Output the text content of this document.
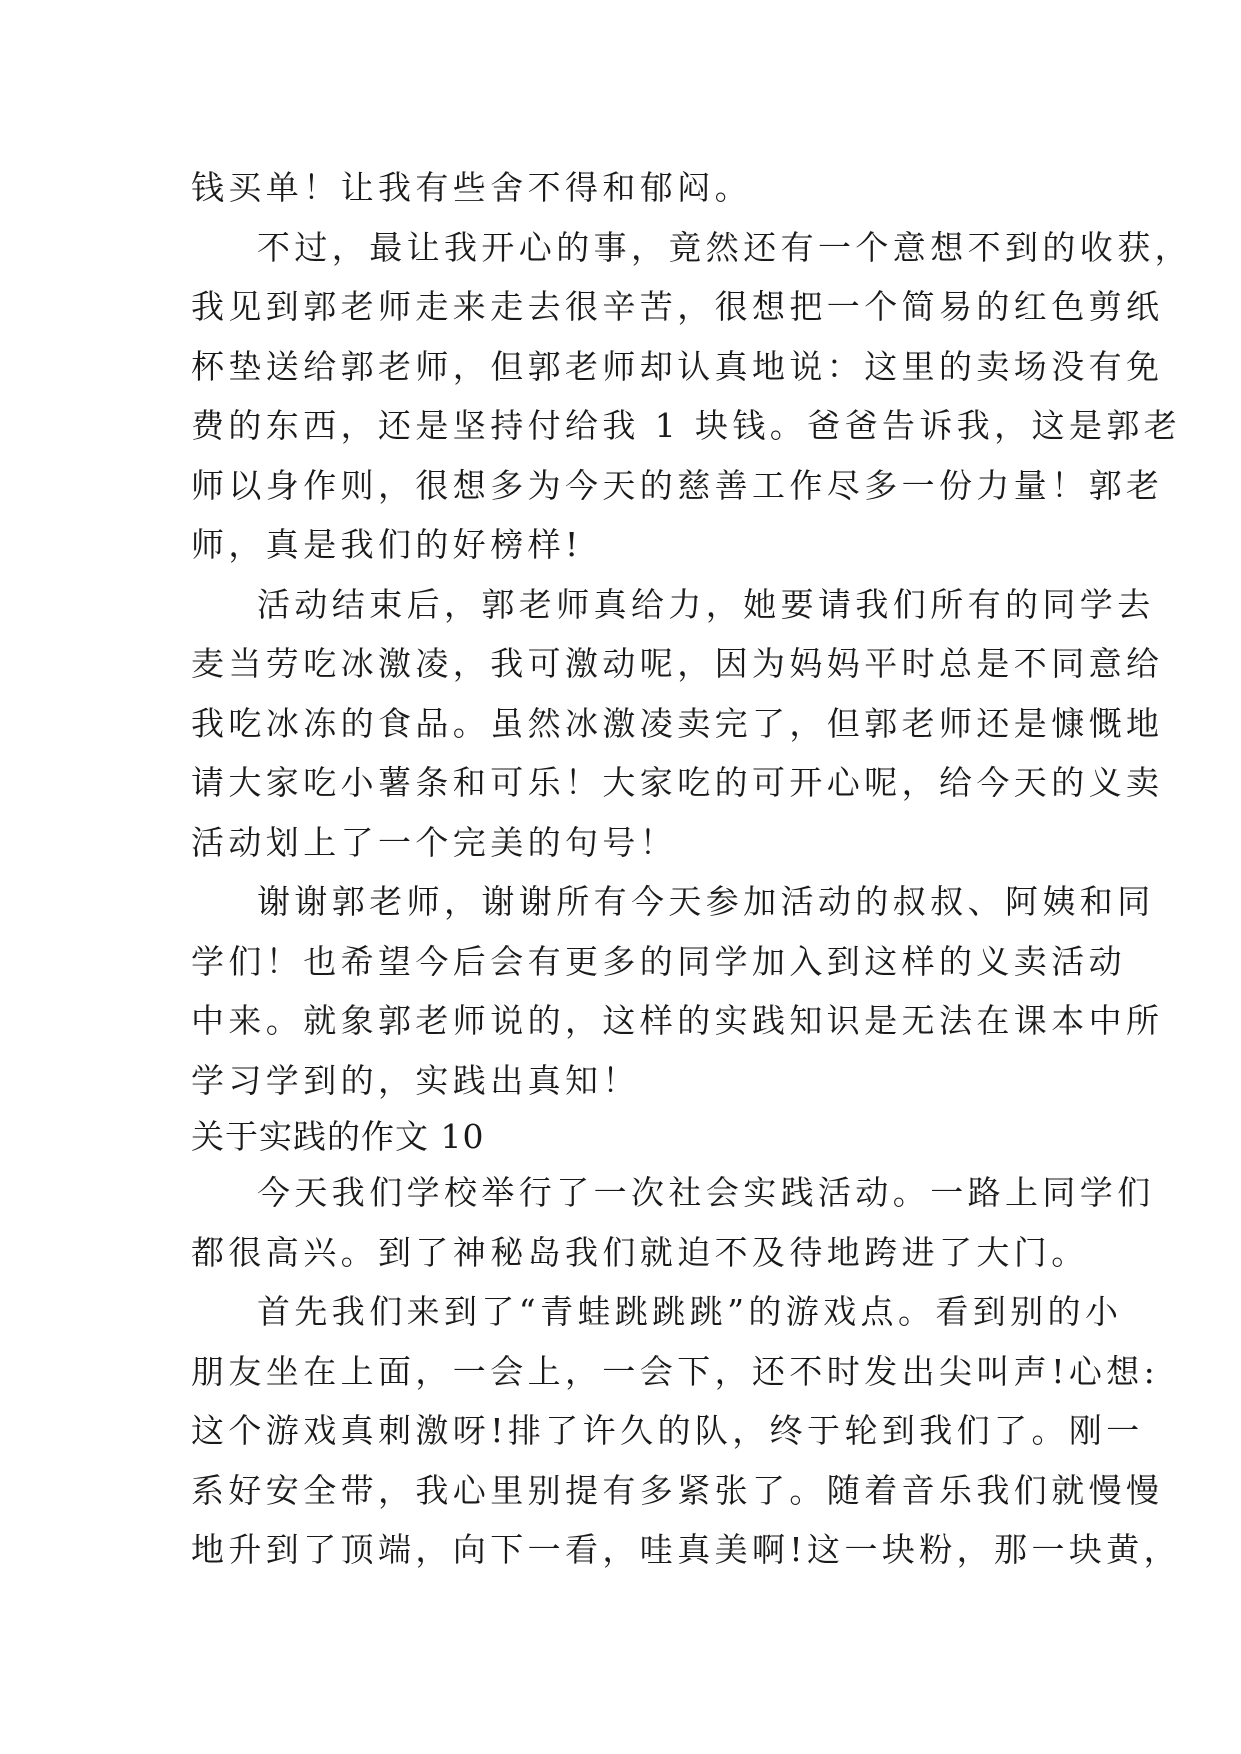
钱买单！让我有些舍不得和郁闷。
不过，最让我开心的事，竟然还有一个意想不到的收获，
我见到郭老师走来走去很辛苦，很想把一个简易的红色剪纸
杯垫送给郭老师，但郭老师却认真地说：这里的卖场没有免
费的东西，还是坚持付给我 1 块钱。爸爸告诉我，这是郭老
师以身作则，很想多为今天的慈善工作尽多一份力量！郭老
师，真是我们的好榜样!
活动结束后，郭老师真给力，她要请我们所有的同学去
麦当劳吃冰激凌，我可激动呢，因为妈妈平时总是不同意给
我吃冰冻的食品。虽然冰激凌卖完了，但郭老师还是慷慨地
请大家吃小薯条和可乐！大家吃的可开心呢，给今天的义卖
活动划上了一个完美的句号！
谢谢郭老师，谢谢所有今天参加活动的叔叔、阿姨和同
学们！也希望今后会有更多的同学加入到这样的义卖活动
中来。就象郭老师说的，这样的实践知识是无法在课本中所
学习学到的，实践出真知！
关于实践的作文 10
今天我们学校举行了一次社会实践活动。一路上同学们
都很高兴。到了神秘岛我们就迫不及待地跨进了大门。
首先我们来到了“青蛙跳跳跳”的游戏点。看到别的小
朋友坐在上面，一会上，一会下，还不时发出尖叫声!心想:
这个游戏真刺激呀!排了许久的队，终于轮到我们了。刚一
系好安全带，我心里别提有多紧张了。随着音乐我们就慢慢
地升到了顶端，向下一看，哇真美啊!这一块粉，那一块黄，
